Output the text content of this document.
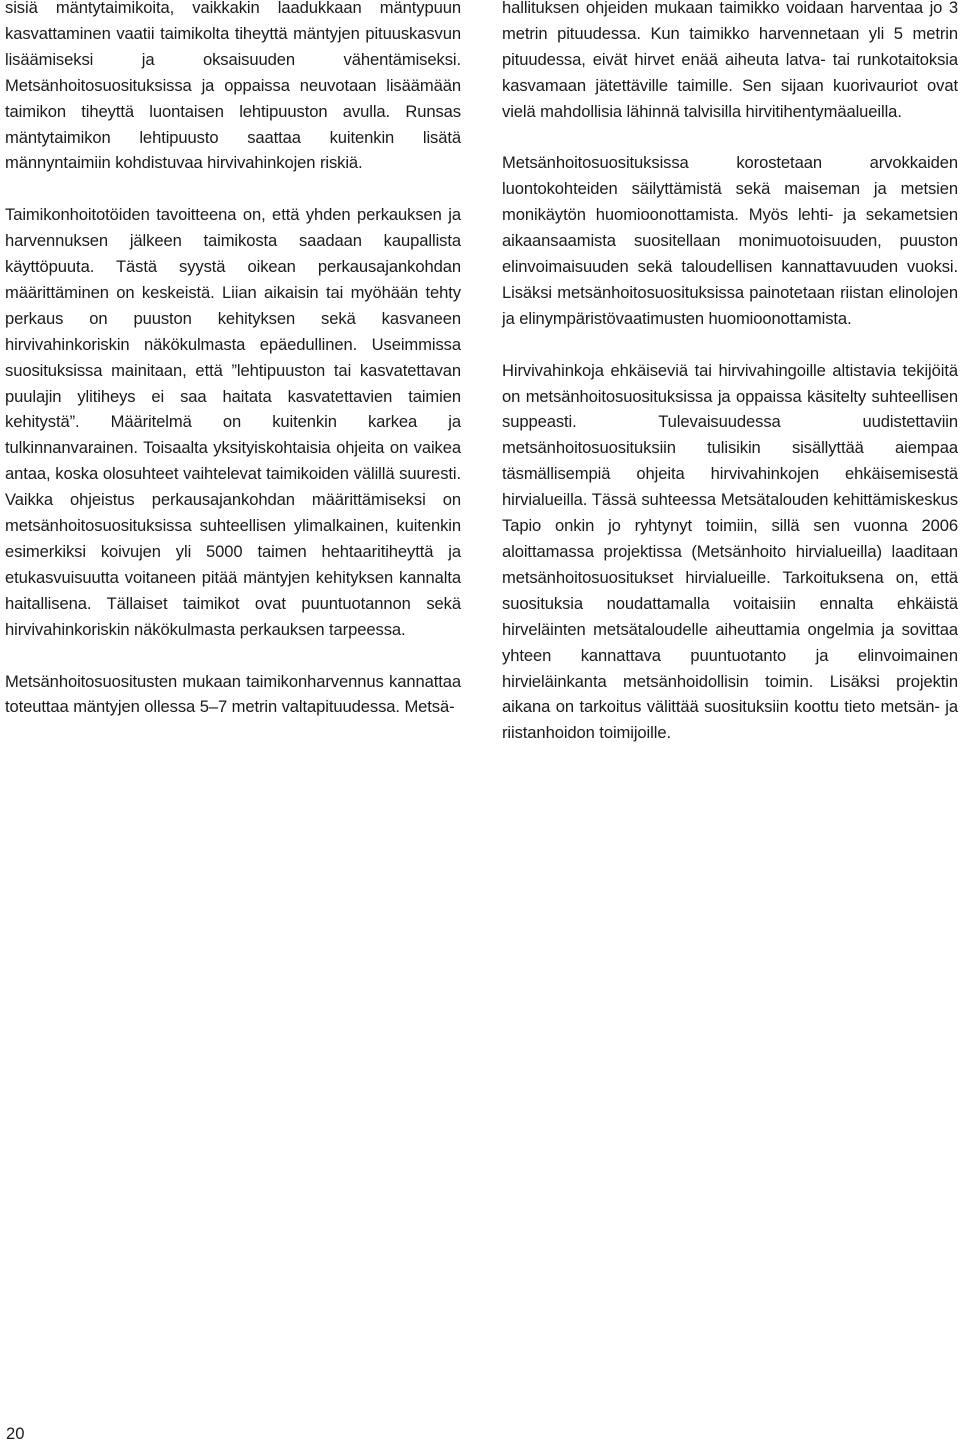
sisiä mäntytaimikoita, vaikkakin laadukkaan mäntypuun kasvattaminen vaatii taimikolta tiheyttä mäntyjen pituuskasvun lisäämiseksi ja oksaisuuden vähentämiseksi. Metsänhoitosuosituksissa ja oppaissa neuvotaan lisäämään taimikon tiheyttä luontaisen lehtipuuston avulla. Runsas mäntytaimikon lehtipuusto saattaa kuitenkin lisätä männyntaimiin kohdistuvaa hirvivahinkojen riskiä.

Taimikonhoitotöiden tavoitteena on, että yhden perkauksen ja harvennuksen jälkeen taimikosta saadaan kaupallista käyttöpuuta. Tästä syystä oikean perkausajankohdan määrittäminen on keskeistä. Liian aikaisin tai myöhään tehty perkaus on puuston kehityksen sekä kasvaneen hirvivahinkoriskin näkökulmasta epäedullinen. Useimmissa suosituksissa mainitaan, että ”lehtipuuston tai kasvatettavan puulajin ylitiheys ei saa haitata kasvatettavien taimien kehitystä”. Määritelmä on kuitenkin karkea ja tulkinnanvarainen. Toisaalta yksityiskohtaisia ohjeita on vaikea antaa, koska olosuhteet vaihtelevat taimikoiden välillä suuresti. Vaikka ohjeistus perkausajankohdan määrittämiseksi on metsänhoitosuosituksissa suhteellisen ylimalkainen, kuitenkin esimerkiksi koivujen yli 5000 taimen hehtaaritiheyttä ja etukasvuisuutta voitaneen pitää mäntyjen kehityksen kannalta haitallisena. Tällaiset taimikot ovat puuntuotannon sekä hirvivahinkoriskin näkökulmasta perkauksen tarpeessa.

Metsänhoitosuositusten mukaan taimikonharvennus kannattaa toteuttaa mäntyjen ollessa 5–7 metrin valtapituudessa. Metsä-

hallituksen ohjeiden mukaan taimikko voidaan harventaa jo 3 metrin pituudessa. Kun taimikko harvennetaan yli 5 metrin pituudessa, eivät hirvet enää aiheuta latva- tai runkotaitoksia kasvamaan jätettäville taimille. Sen sijaan kuorivauriot ovat vielä mahdollisia lähinnä talvisilla hirvitihentymäalueilla.

Metsänhoitosuosituksissa korostetaan arvokkaiden luontokohteiden säilyttämistä sekä maiseman ja metsien monikäytön huomioonottamista. Myös lehti- ja sekametsien aikaansaamista suositellaan monimuotoisuuden, puuston elinvoimaisuuden sekä taloudellisen kannattavuuden vuoksi. Lisäksi metsänhoitosuosituksissa painotetaan riistan elinolojen ja elinympäristövaatimusten huomioonottamista.

Hirvivahinkoja ehkäiseviä tai hirvivahingoille altistavia tekijöitä on metsänhoitosuosituksissa ja oppaissa käsitelty suhteellisen suppeasti. Tulevaisuudessa uudistettaviin metsänhoitosuosituksiin tulisikin sisällyttää aiempaa täsmällisempiä ohjeita hirvivahinkojen ehkäisemisestä hirvialueilla. Tässä suhteessa Metsätalouden kehittämiskeskus Tapio onkin jo ryhtynyt toimiin, sillä sen vuonna 2006 aloittamassa projektissa (Metsänhoito hirvialueilla) laaditaan metsänhoitosuositukset hirvialueille. Tarkoituksena on, että suosituksia noudattamalla voitaisiin ennalta ehkäistä hirveläinten metsätaloudelle aiheuttamia ongelmia ja sovittaa yhteen kannattava puuntuotanto ja elinvoimainen hirvieläinkanta metsänhoidollisin toimin. Lisäksi projektin aikana on tarkoitus välittää suosituksiin koottu tieto metsän- ja riistanhoidon toimijoille.

20
